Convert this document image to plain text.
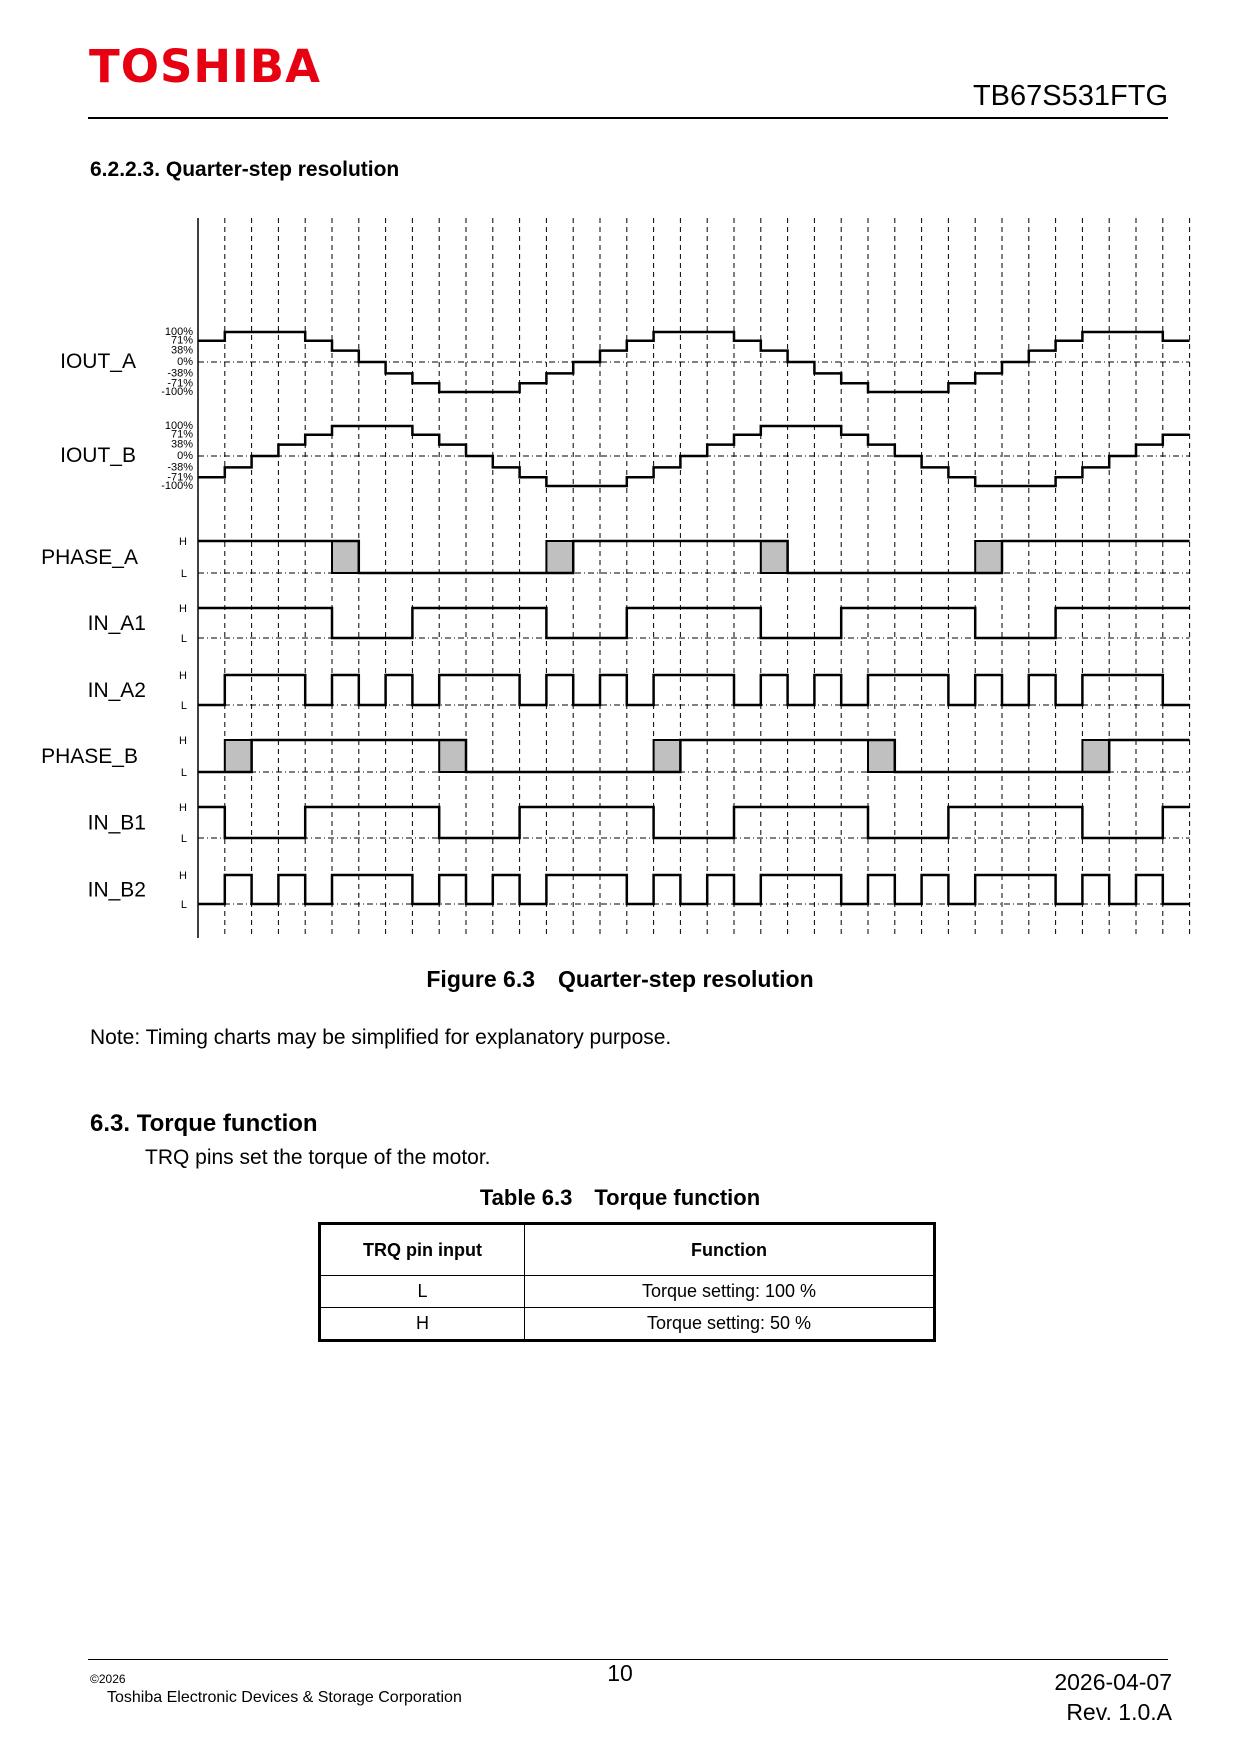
TOSHIBA
TB67S531FTG
6.2.2.3. Quarter-step resolution
IOUT_A
100%
71%
38%
0%
-38%
-71%
-100%
IOUT_B
100%
71%
38%
0%
-38%
-71%
-100%
PHASE_A
H
L
IN_A1
H
L
IN_A2
H
L
PHASE_B
H
L
IN_B1
H
L
IN_B2
H
L
Figure 6.3　Quarter-step resolution
Note: Timing charts may be simplified for explanatory purpose.
6.3. Torque function
TRQ pins set the torque of the motor.
Table 6.3　Torque function
TRQ pin input	Function
L	Torque setting: 100 %
H	Torque setting: 50 %
©2026
Toshiba Electronic Devices & Storage Corporation
10	2026-04-07
Rev. 1.0.A
